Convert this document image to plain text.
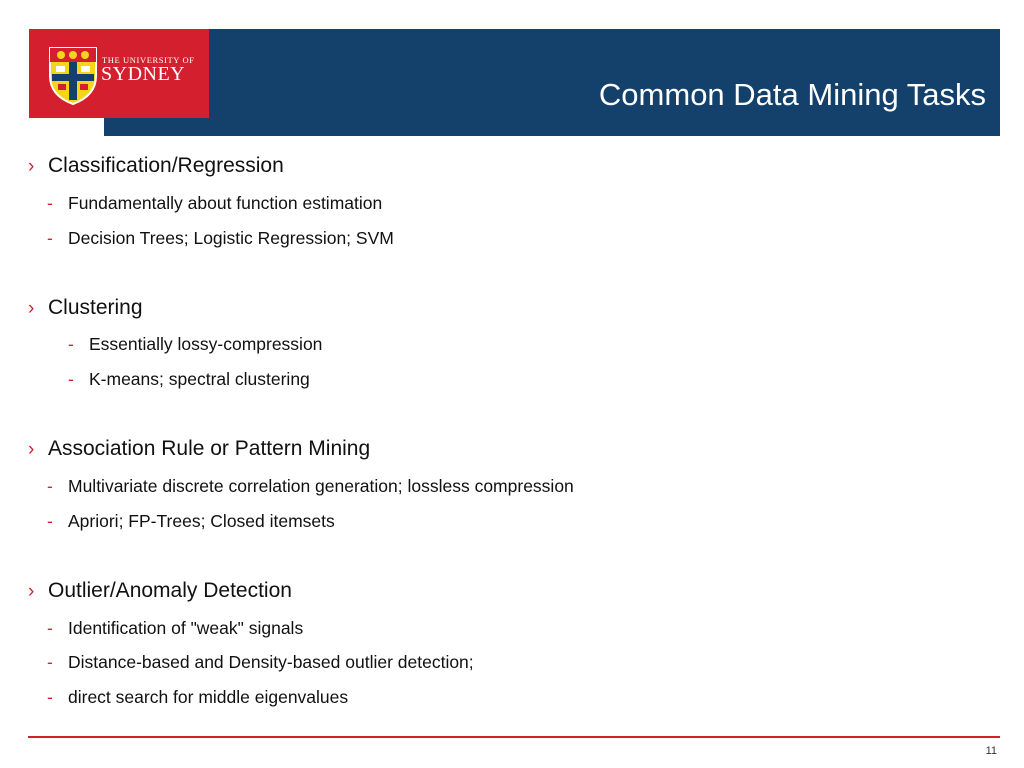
Common Data Mining Tasks
THE UNIVERSITY OF
SYDNEY
› Classification/Regression
- Fundamentally about function estimation
- Decision Trees; Logistic Regression; SVM
› Clustering
- Essentially lossy-compression
- K-means; spectral clustering
› Association Rule or Pattern Mining
- Multivariate discrete correlation generation; lossless compression
- Apriori; FP-Trees; Closed itemsets
› Outlier/Anomaly Detection
- Identification of "weak" signals
- Distance-based and Density-based outlier detection;
- direct search for middle eigenvalues
11
